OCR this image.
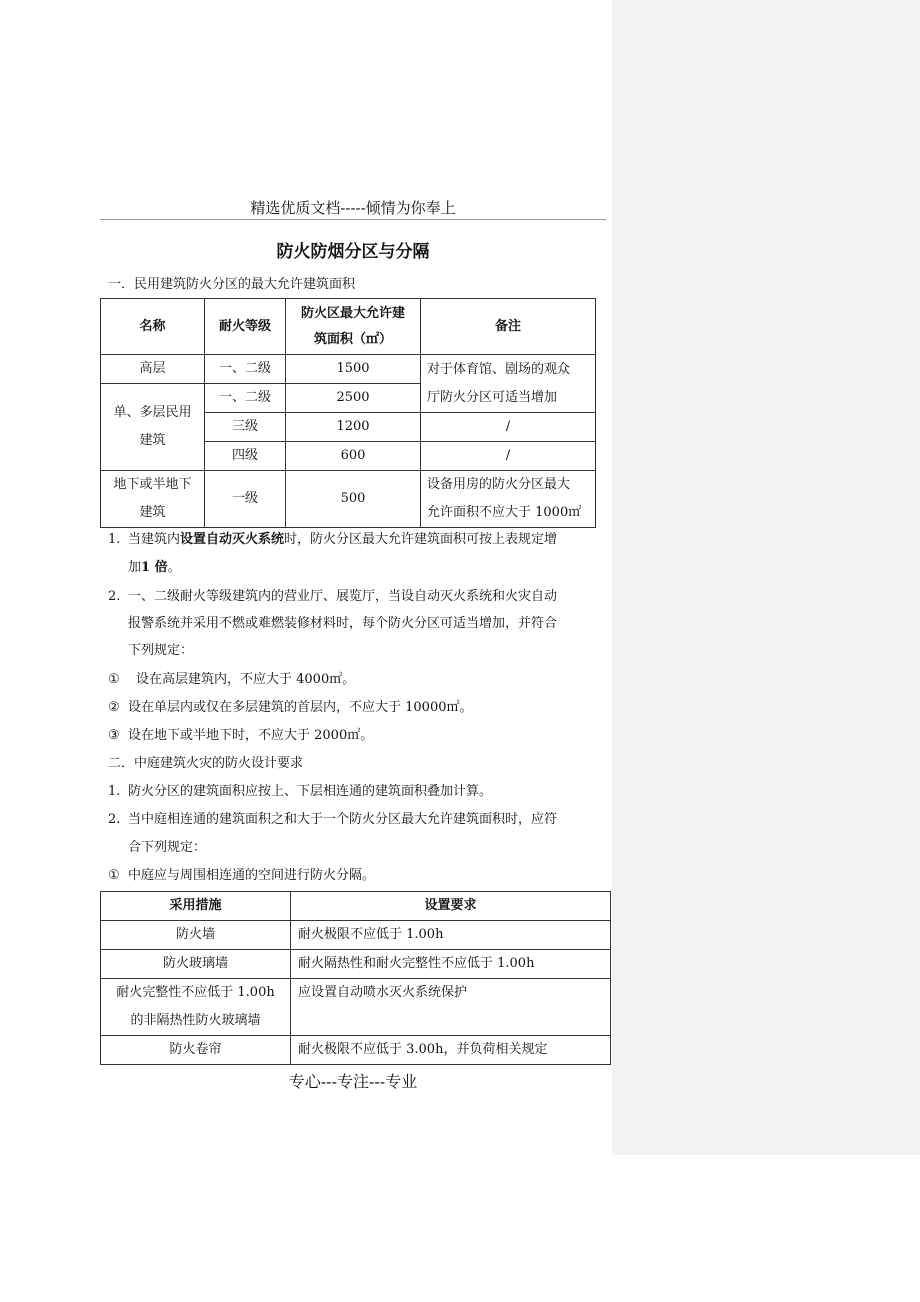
精选优质文档-----倾情为你奉上
防火防烟分区与分隔
一．民用建筑防火分区的最大允许建筑面积
名称	耐火等级	防火区最大允许建
筑面积（㎡）	备注
高层	一、二级	1500	对于体育馆、剧场的观众
厅防火分区可适当增加
单、多层民用
建筑	一、二级	2500	
	三级	1200	/
	四级	600	/
地下或半地下
建筑	一级	500	设备用房的防火分区最大
允许面积不应大于 1000㎡
1. 当建筑内设置自动灭火系统时，防火分区最大允许建筑面积可按上表规定增
加1 倍。
2. 一、二级耐火等级建筑内的营业厅、展览厅，当设自动灭火系统和火灾自动
报警系统并采用不燃或难燃装修材料时，每个防火分区可适当增加，并符合
下列规定：
① 设在高层建筑内，不应大于 4000㎡。
② 设在单层内或仅在多层建筑的首层内，不应大于 10000㎡。
③ 设在地下或半地下时，不应大于 2000㎡。
二．中庭建筑火灾的防火设计要求
1. 防火分区的建筑面积应按上、下层相连通的建筑面积叠加计算。
2. 当中庭相连通的建筑面积之和大于一个防火分区最大允许建筑面积时，应符
合下列规定：
① 中庭应与周围相连通的空间进行防火分隔。
采用措施	设置要求
防火墙	耐火极限不应低于 1.00h
防火玻璃墙	耐火隔热性和耐火完整性不应低于 1.00h
耐火完整性不应低于 1.00h
的非隔热性防火玻璃墙	应设置自动喷水灭火系统保护
防火卷帘	耐火极限不应低于 3.00h，并负荷相关规定
专心---专注---专业
